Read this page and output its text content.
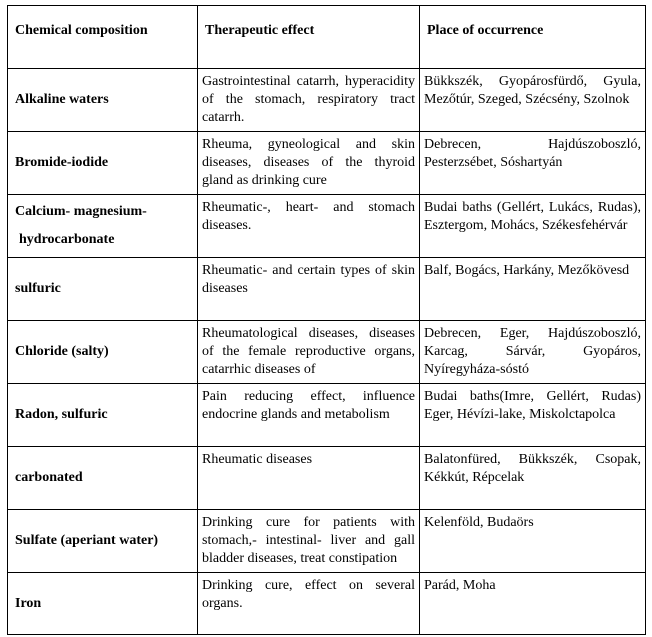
Chemical composition	Therapeutic effect	Place of occurrence
Alkaline waters	Gastrointestinal catarrh, hyperacidity of the stomach, respiratory tract catarrh.	Bükkszék, Gyopárosfürdő, Gyula, Mezőtúr, Szeged, Szécsény, Szolnok
Bromide-iodide	Rheuma, gyneological and skin diseases, diseases of the thyroid gland as drinking cure	Debrecen, Hajdúszoboszló, Pesterzsébet, Sóshartyán

Calcium- magnesium-
hydrocarbonate	Rheumatic-, heart- and stomach diseases.	Budai baths (Gellért, Lukács, Rudas), Esztergom, Mohács, Székesfehérvár
sulfuric	Rheumatic- and certain types of skin diseases	Balf, Bogács, Harkány, Mezőkövesd
Chloride (salty)	Rheumatological diseases, diseases of the female reproductive organs, catarrhic diseases of	Debrecen, Eger, Hajdúszoboszló, Karcag, Sárvár, Gyopáros, Nyíregyháza-sóstó
Radon, sulfuric	Pain reducing effect, influence endocrine glands and metabolism	Budai baths(Imre, Gellért, Rudas) Eger, Hévízi-lake, Miskolctapolca
carbonated	Rheumatic diseases	Balatonfüred, Bükkszék, Csopak, Kékkút, Répcelak
Sulfate (aperiant water)	Drinking cure for patients with stomach,- intestinal- liver and gall bladder diseases, treat constipation	Kelenföld, Budaörs
Iron	Drinking cure, effect on several organs.	Parád, Moha
